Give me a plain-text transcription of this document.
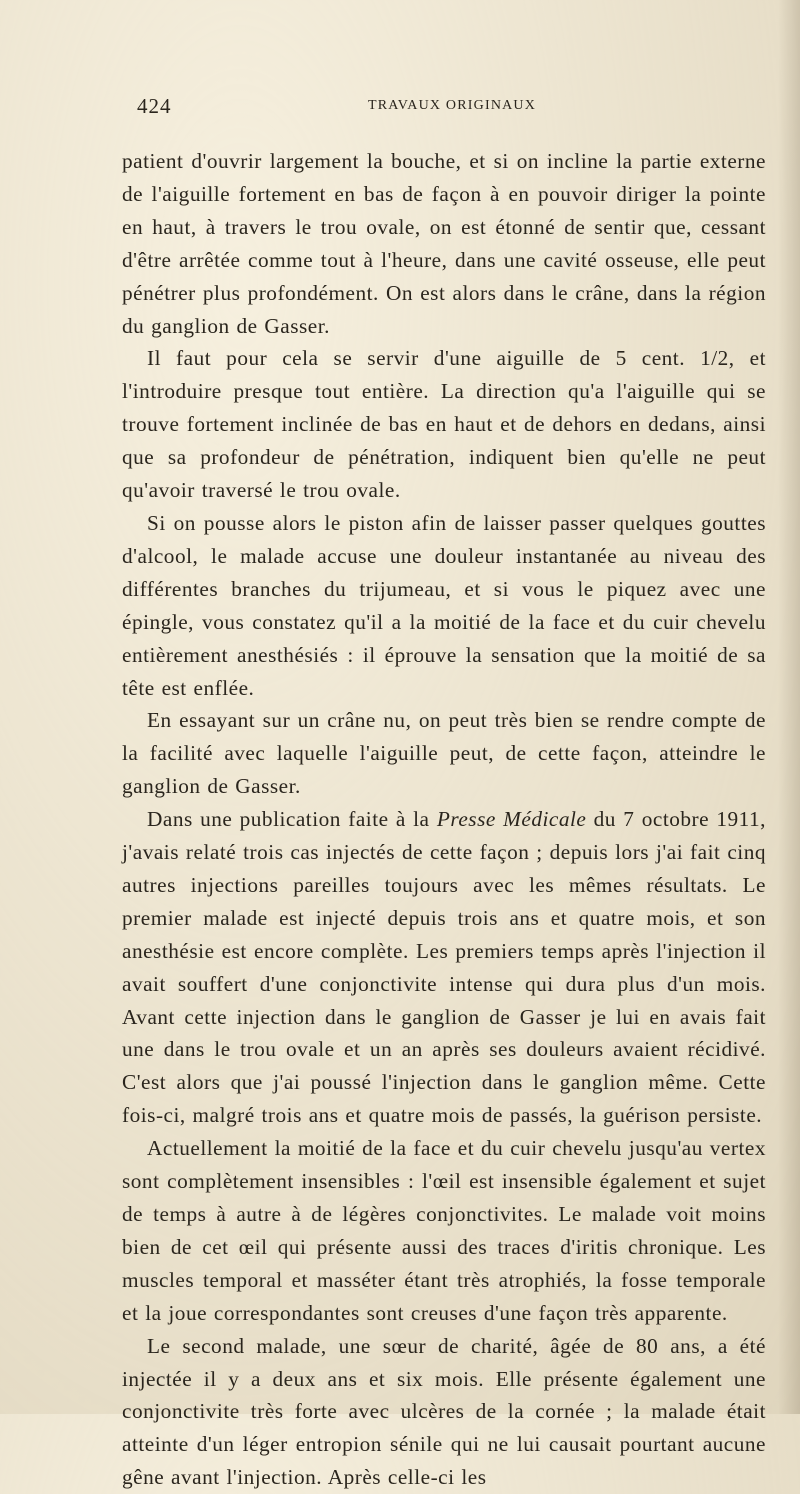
424	TRAVAUX ORIGINAUX

patient d'ouvrir largement la bouche, et si on incline la partie externe de l'aiguille fortement en bas de façon à en pouvoir diriger la pointe en haut, à travers le trou ovale, on est étonné de sentir que, cessant d'être arrêtée comme tout à l'heure, dans une cavité osseuse, elle peut pénétrer plus profondément. On est alors dans le crâne, dans la région du ganglion de Gasser.

Il faut pour cela se servir d'une aiguille de 5 cent. 1/2, et l'introduire presque tout entière. La direction qu'a l'aiguille qui se trouve fortement inclinée de bas en haut et de dehors en dedans, ainsi que sa profondeur de pénétration, indiquent bien qu'elle ne peut qu'avoir traversé le trou ovale.

Si on pousse alors le piston afin de laisser passer quelques gouttes d'alcool, le malade accuse une douleur instantanée au niveau des différentes branches du trijumeau, et si vous le piquez avec une épingle, vous constatez qu'il a la moitié de la face et du cuir chevelu entièrement anesthésiés : il éprouve la sensation que la moitié de sa tête est enflée.

En essayant sur un crâne nu, on peut très bien se rendre compte de la facilité avec laquelle l'aiguille peut, de cette façon, atteindre le ganglion de Gasser.

Dans une publication faite à la Presse Médicale du 7 octobre 1911, j'avais relaté trois cas injectés de cette façon ; depuis lors j'ai fait cinq autres injections pareilles toujours avec les mêmes résultats. Le premier malade est injecté depuis trois ans et quatre mois, et son anesthésie est encore complète. Les premiers temps après l'injection il avait souffert d'une conjonctivite intense qui dura plus d'un mois. Avant cette injection dans le ganglion de Gasser je lui en avais fait une dans le trou ovale et un an après ses douleurs avaient récidivé. C'est alors que j'ai poussé l'injection dans le ganglion même. Cette fois-ci, malgré trois ans et quatre mois de passés, la guérison persiste.

Actuellement la moitié de la face et du cuir chevelu jusqu'au vertex sont complètement insensibles : l'œil est insensible également et sujet de temps à autre à de légères conjonctivites. Le malade voit moins bien de cet œil qui présente aussi des traces d'iritis chronique. Les muscles temporal et masséter étant très atrophiés, la fosse temporale et la joue correspondantes sont creuses d'une façon très apparente.

Le second malade, une sœur de charité, âgée de 80 ans, a été injectée il y a deux ans et six mois. Elle présente également une conjonctivite très forte avec ulcères de la cornée ; la malade était atteinte d'un léger entropion sénile qui ne lui causait pourtant aucune gêne avant l'injection. Après celle-ci les
